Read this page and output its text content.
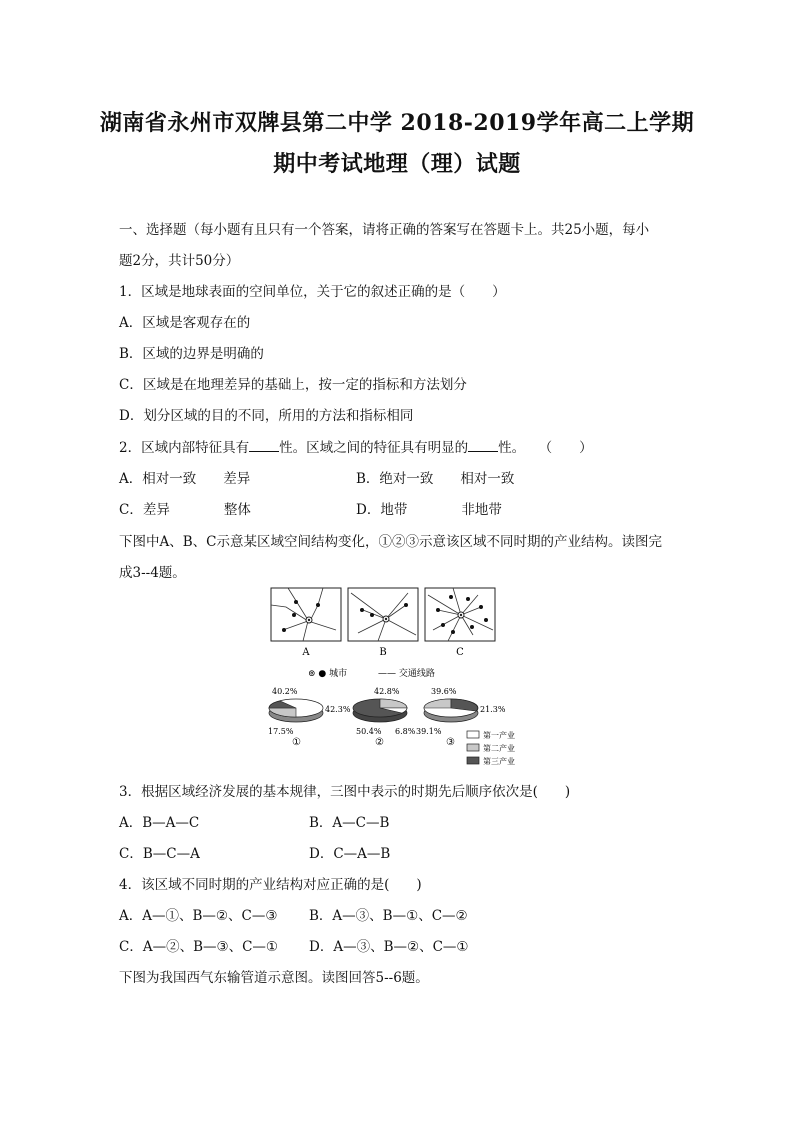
湖南省永州市双牌县第二中学 2018-2019学年高二上学期
期中考试地理（理）试题
一、选择题（每小题有且只有一个答案，请将正确的答案写在答题卡上。共25小题，每小
题2分，共计50分）
1．区域是地球表面的空间单位，关于它的叙述正确的是（　　）
A．区域是客观存在的
B．区域的边界是明确的
C．区域是在地理差异的基础上，按一定的指标和方法划分
D．划分区域的目的不同，所用的方法和指标相同
2．区域内部特征具有 性。区域之间的特征具有明显的 性。　　（　　）
A．相对一致　　差异	B．绝对一致　　相对一致
C．差异　　　　整体	D．地带　　　　非地带
下图中A、B、C示意某区域空间结构变化，①②③示意该区域不同时期的产业结构。读图完
成3--4题。
A	B	C
⊚ ● 城市	—— 交通线路
40.2%
42.3%
17.5%
①
42.8%
50.4% 6.8%
②
39.6%
21.3%
39.1%
③
第一产业
第二产业
第三产业
3．根据区域经济发展的基本规律，三图中表示的时期先后顺序依次是(　　)
A．B—A—C	B．A—C—B
C．B—C—A	D．C—A—B
4．该区域不同时期的产业结构对应正确的是(　　)
A．A—①、B—②、C—③ B．A—③、B—①、C—②
C．A—②、B—③、C—① D．A—③、B—②、C—①
下图为我国西气东输管道示意图。读图回答5--6题。
